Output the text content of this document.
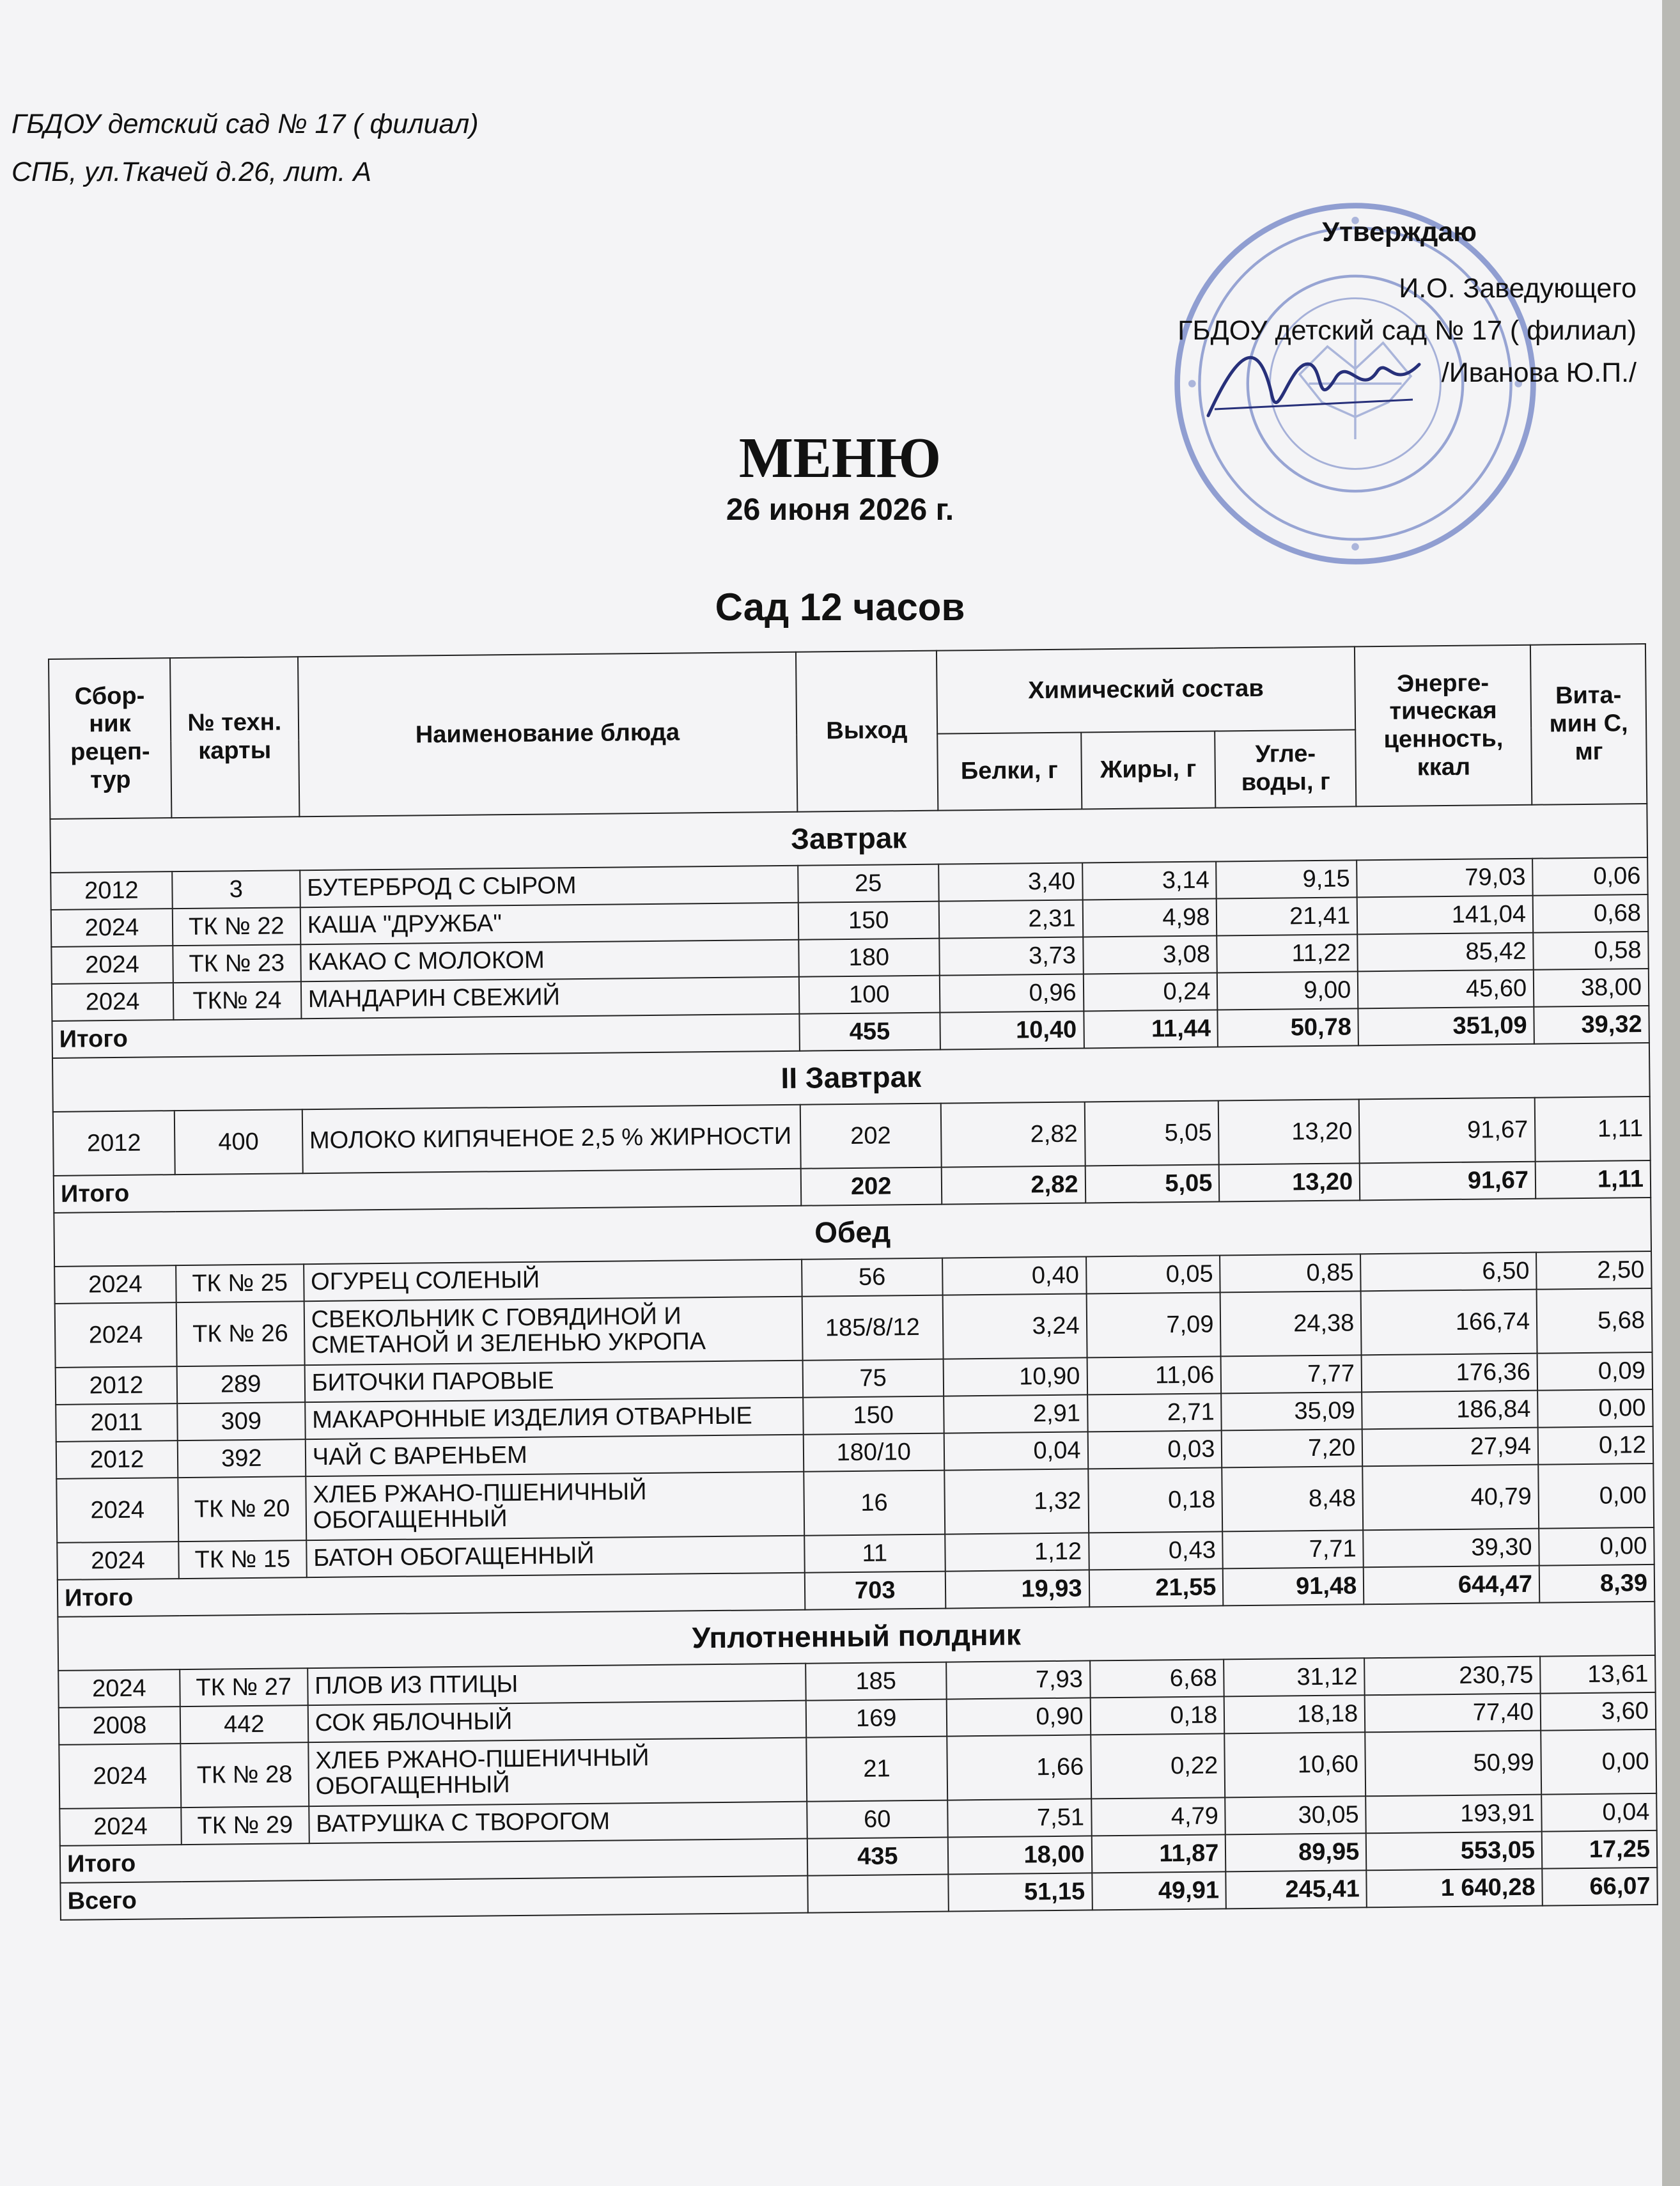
ГБДОУ детский сад № 17 ( филиал)
СПБ, ул.Ткачей д.26, лит. А
Утверждаю
И.О. Заведующего
ГБДОУ детский сад № 17 ( филиал)
/Иванова Ю.П./
МЕНЮ
26 июня 2026 г.
Сад 12 часов
Сбор-ник рецеп-тур	№ техн. карты	Наименование блюда	Выход	Химический состав			Энерге-тическая ценность, ккал	Вита-мин С, мг
				Белки, г	Жиры, г	Угле-воды, г		
Завтрак								
2012	3	БУТЕРБРОД С СЫРОМ	25	3,40	3,14	9,15	79,03	0,06
2024	ТК № 22	КАША "ДРУЖБА"	150	2,31	4,98	21,41	141,04	0,68
2024	ТК № 23	КАКАО С МОЛОКОМ	180	3,73	3,08	11,22	85,42	0,58
2024	ТК№ 24	МАНДАРИН СВЕЖИЙ	100	0,96	0,24	9,00	45,60	38,00
Итого			455	10,40	11,44	50,78	351,09	39,32
II Завтрак								
2012	400	МОЛОКО КИПЯЧЕНОЕ 2,5 % ЖИРНОСТИ	202	2,82	5,05	13,20	91,67	1,11
Итого			202	2,82	5,05	13,20	91,67	1,11
Обед								
2024	ТК № 25	ОГУРЕЦ СОЛЕНЫЙ	56	0,40	0,05	0,85	6,50	2,50
2024	ТК № 26	СВЕКОЛЬНИК С ГОВЯДИНОЙ И СМЕТАНОЙ И ЗЕЛЕНЬЮ УКРОПА	185/8/12	3,24	7,09	24,38	166,74	5,68
2012	289	БИТОЧКИ ПАРОВЫЕ	75	10,90	11,06	7,77	176,36	0,09
2011	309	МАКАРОННЫЕ ИЗДЕЛИЯ ОТВАРНЫЕ	150	2,91	2,71	35,09	186,84	0,00
2012	392	ЧАЙ С ВАРЕНЬЕМ	180/10	0,04	0,03	7,20	27,94	0,12
2024	ТК № 20	ХЛЕБ РЖАНО-ПШЕНИЧНЫЙ ОБОГАЩЕННЫЙ	16	1,32	0,18	8,48	40,79	0,00
2024	ТК № 15	БАТОН ОБОГАЩЕННЫЙ	11	1,12	0,43	7,71	39,30	0,00
Итого			703	19,93	21,55	91,48	644,47	8,39
Уплотненный полдник								
2024	ТК № 27	ПЛОВ ИЗ ПТИЦЫ	185	7,93	6,68	31,12	230,75	13,61
2008	442	СОК ЯБЛОЧНЫЙ	169	0,90	0,18	18,18	77,40	3,60
2024	ТК № 28	ХЛЕБ РЖАНО-ПШЕНИЧНЫЙ ОБОГАЩЕННЫЙ	21	1,66	0,22	10,60	50,99	0,00
2024	ТК № 29	ВАТРУШКА С ТВОРОГОМ	60	7,51	4,79	30,05	193,91	0,04
Итого			435	18,00	11,87	89,95	553,05	17,25
Всего				51,15	49,91	245,41	1 640,28	66,07
